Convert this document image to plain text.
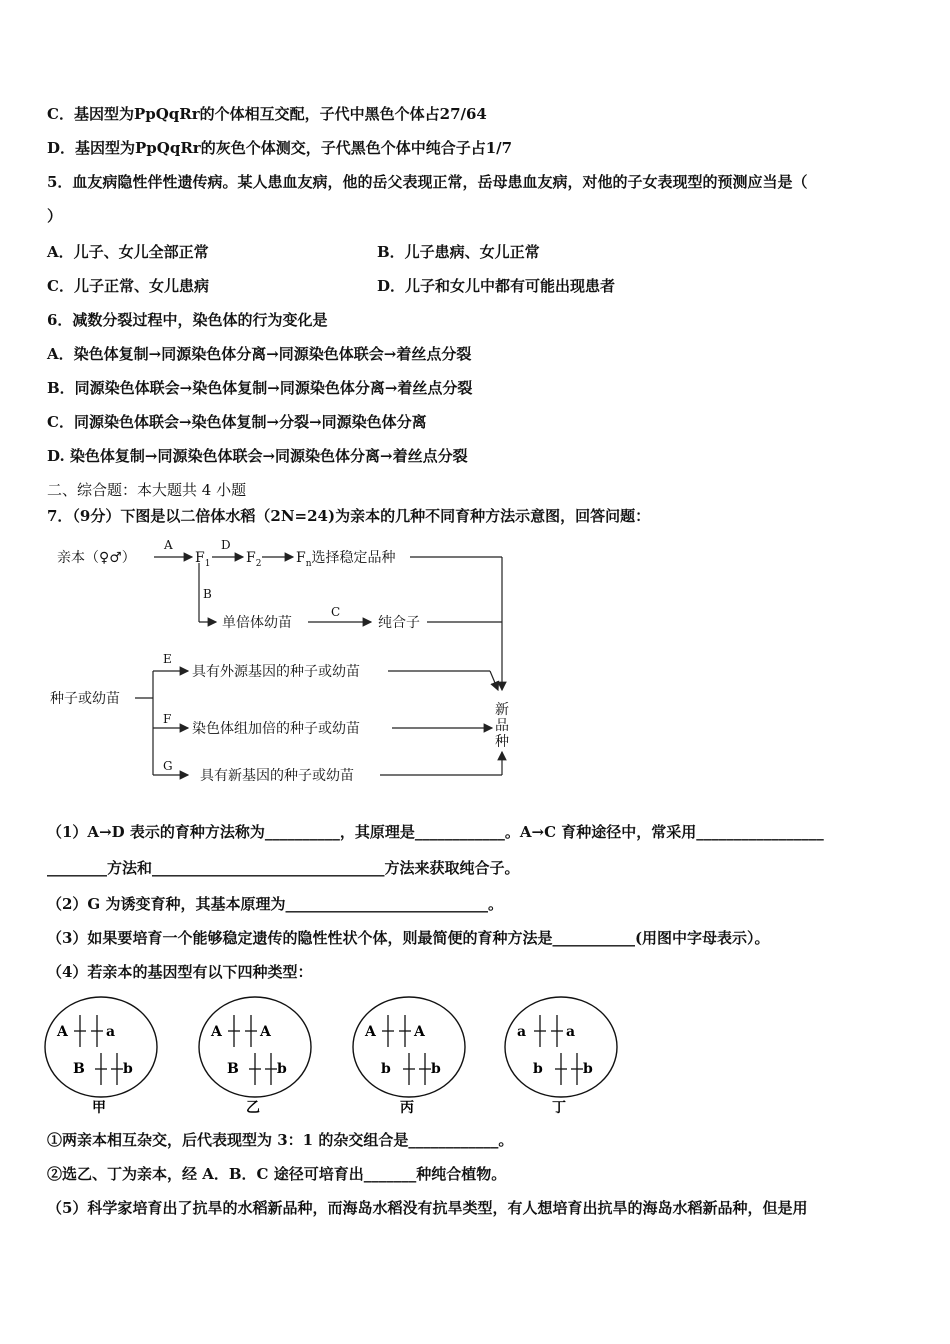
C．基因型为PpQqRr的个体相互交配，子代中黑色个体占27/64
D．基因型为PpQqRr的灰色个体测交，子代黑色个体中纯合子占1/7
5．血友病隐性伴性遗传病。某人患血友病，他的岳父表现正常，岳母患血友病，对他的子女表现型的预测应当是（
）
A．儿子、女儿全部正常	B．儿子患病、女儿正常
C．儿子正常、女儿患病	D．儿子和女儿中都有可能出现患者
6．减数分裂过程中，染色体的行为变化是
A．染色体复制→同源染色体分离→同源染色体联会→着丝点分裂
B．同源染色体联会→染色体复制→同源染色体分离→着丝点分裂
C．同源染色体联会→染色体复制→分裂→同源染色体分离
D. 染色体复制→同源染色体联会→同源染色体分离→着丝点分裂
二、综合题：本大题共 4 小题
7．（9分）下图是以二倍体水稻（2N=24)为亲本的几种不同育种方法示意图，回答问题：
亲本（♀♂）
A	D
$F_1$	$F_2$ $F_n$选择稳定品种
B
单倍体幼苗
C
纯合子
种子或幼苗
E
具有外源基因的种子或幼苗
F
染色体组加倍的种子或幼苗
G
具有新基因的种子或幼苗
新
品
种
（1）A→D 表示的育种方法称为__________，其原理是____________。A→C 育种途径中，常采用_________________
________方法和_______________________________方法来获取纯合子。
（2）G 为诱变育种，其基本原理为___________________________。
（3）如果要培育一个能够稳定遗传的隐性性状个体，则最简便的育种方法是___________(用图中字母表示）。
（4）若亲本的基因型有以下四种类型：
A	a
B	b
甲
A	A
B	b
乙
A	A
b	b
丙
a	a
b	b
丁
①两亲本相互杂交，后代表现型为 3：1 的杂交组合是____________。
②选乙、丁为亲本，经 A．B．C 途径可培育出_______种纯合植物。
（5）科学家培育出了抗旱的水稻新品种，而海岛水稻没有抗旱类型，有人想培育出抗旱的海岛水稻新品种，但是用
